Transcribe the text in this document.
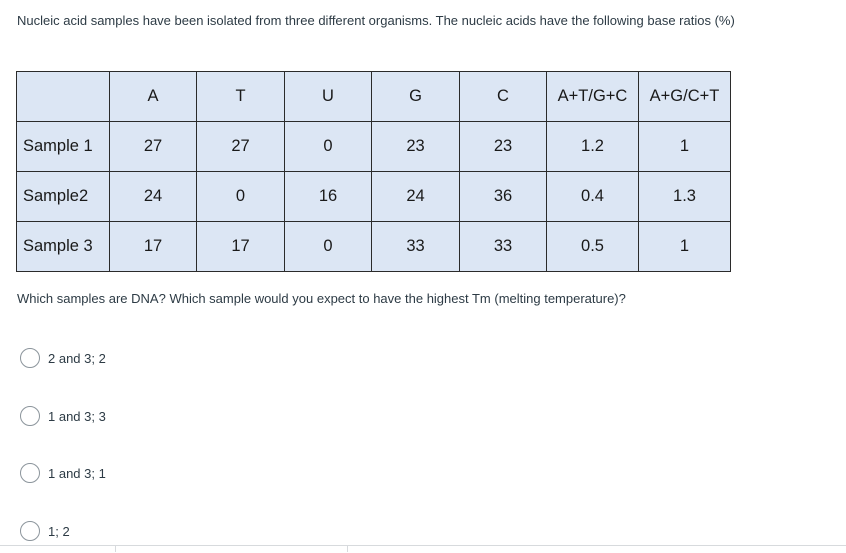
Nucleic acid samples have been isolated from three different organisms. The nucleic acids have the following base ratios (%)
	A	T	U	G	C	A+T/G+C	A+G/C+T
Sample 1	27	27	0	23	23	1.2	1
Sample2	24	0	16	24	36	0.4	1.3
Sample 3	17	17	0	33	33	0.5	1
Which samples are DNA? Which sample would you expect to have the highest Tm (melting temperature)?
2 and 3; 2
1 and 3; 3
1 and 3; 1
1; 2
